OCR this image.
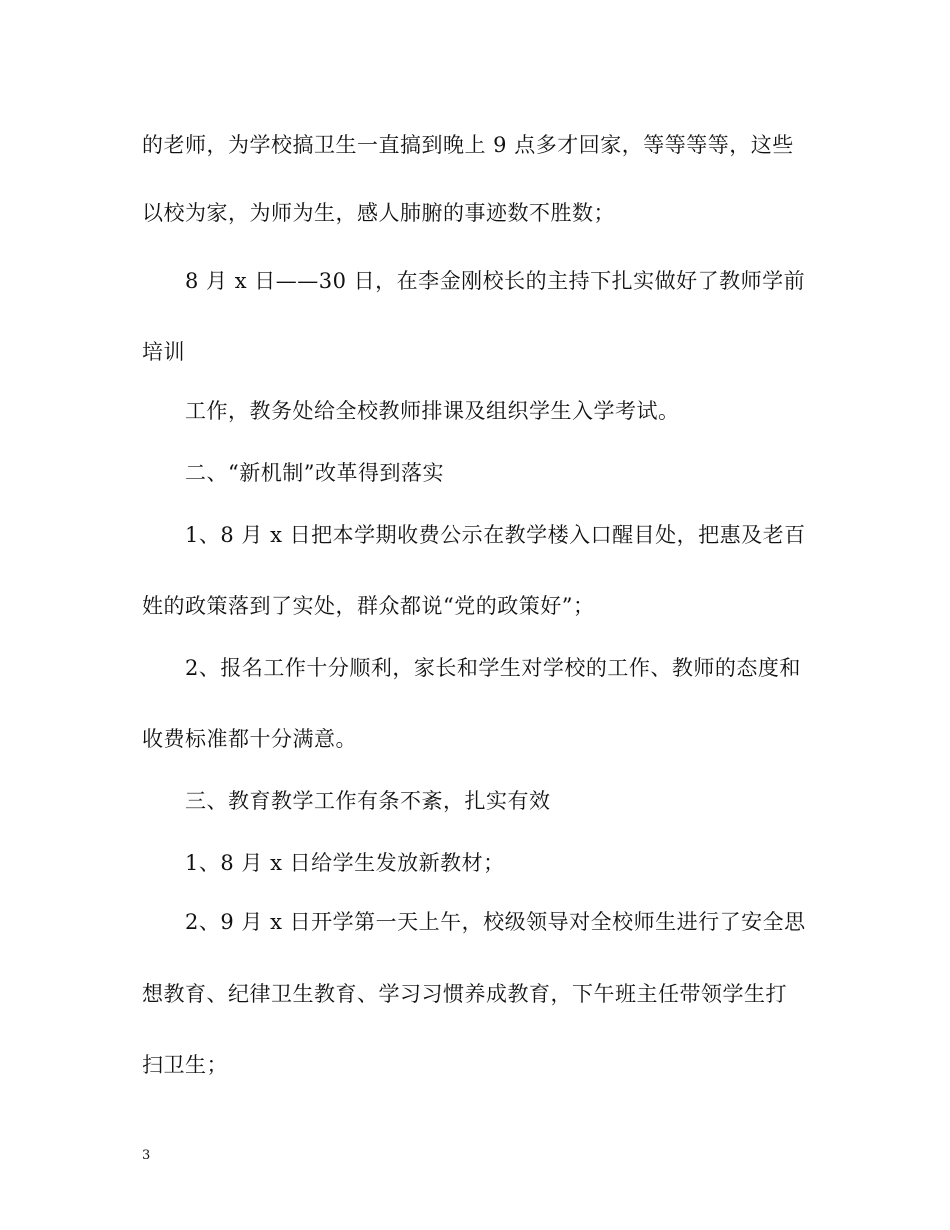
的老师，为学校搞卫生一直搞到晚上 9 点多才回家，等等等等，这些
以校为家，为师为生，感人肺腑的事迹数不胜数；
8 月 x 日——30 日，在李金刚校长的主持下扎实做好了教师学前
培训
工作，教务处给全校教师排课及组织学生入学考试。
二、“新机制”改革得到落实
1、8 月 x 日把本学期收费公示在教学楼入口醒目处，把惠及老百
姓的政策落到了实处，群众都说“党的政策好”；
2、报名工作十分顺利，家长和学生对学校的工作、教师的态度和
收费标准都十分满意。
三、教育教学工作有条不紊，扎实有效
1、8 月 x 日给学生发放新教材；
2、9 月 x 日开学第一天上午，校级领导对全校师生进行了安全思
想教育、纪律卫生教育、学习习惯养成教育，下午班主任带领学生打
扫卫生；
3
